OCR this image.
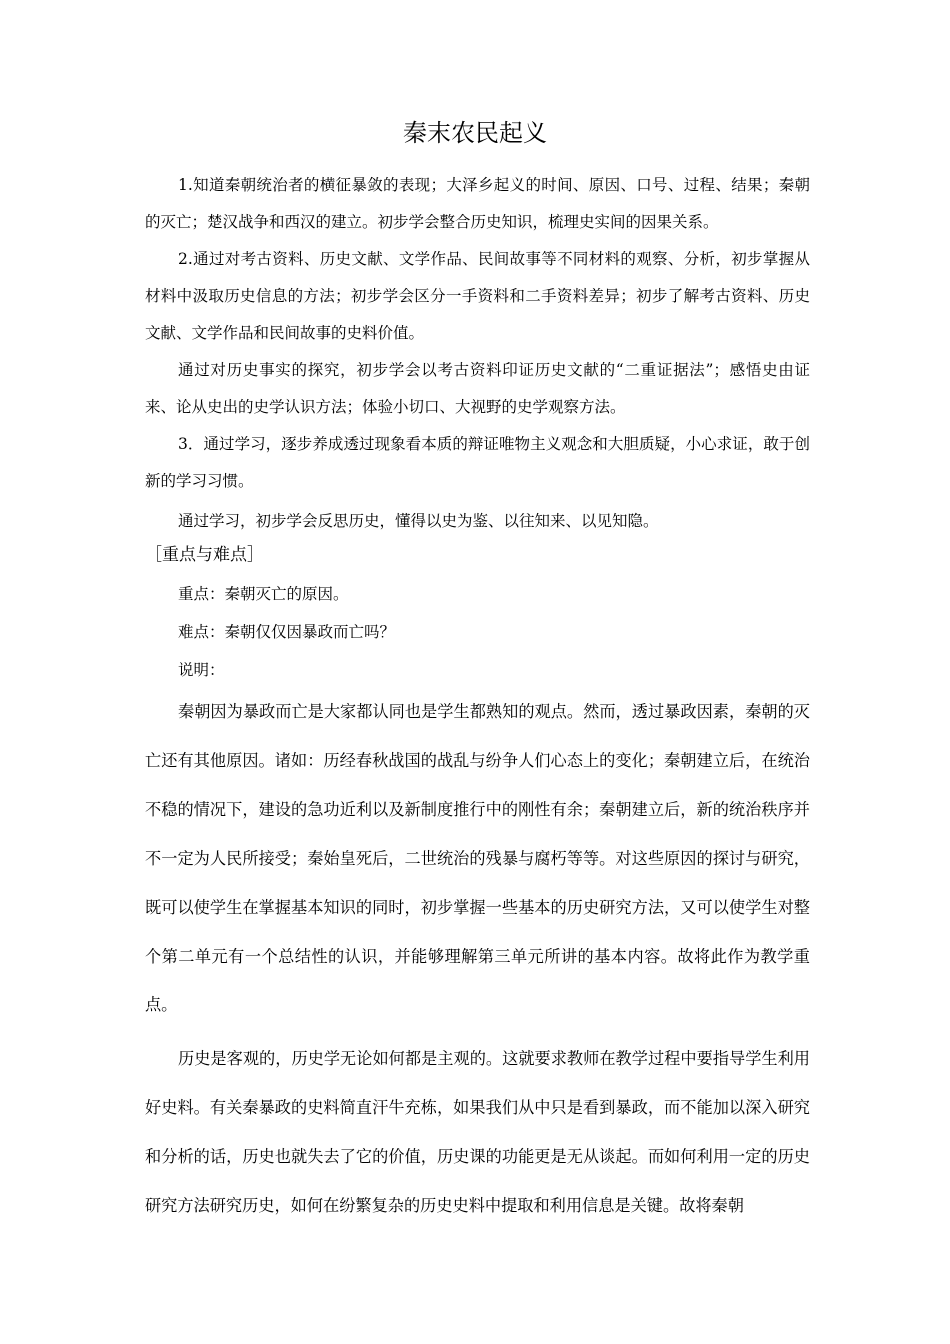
秦末农民起义

1.知道秦朝统治者的横征暴敛的表现；大泽乡起义的时间、原因、口号、过程、结果；秦朝的灭亡；楚汉战争和西汉的建立。初步学会整合历史知识，梳理史实间的因果关系。

2.通过对考古资料、历史文献、文学作品、民间故事等不同材料的观察、分析，初步掌握从材料中汲取历史信息的方法；初步学会区分一手资料和二手资料差异；初步了解考古资料、历史文献、文学作品和民间故事的史料价值。

通过对历史事实的探究，初步学会以考古资料印证历史文献的“二重证据法”；感悟史由证来、论从史出的史学认识方法；体验小切口、大视野的史学观察方法。

3．通过学习，逐步养成透过现象看本质的辩证唯物主义观念和大胆质疑，小心求证，敢于创新的学习习惯。

通过学习，初步学会反思历史，懂得以史为鉴、以往知来、以见知隐。

［重点与难点］
重点：秦朝灭亡的原因。
难点：秦朝仅仅因暴政而亡吗？
说明：

秦朝因为暴政而亡是大家都认同也是学生都熟知的观点。然而，透过暴政因素，秦朝的灭亡还有其他原因。诸如：历经春秋战国的战乱与纷争人们心态上的变化；秦朝建立后，在统治不稳的情况下，建设的急功近利以及新制度推行中的刚性有余；秦朝建立后，新的统治秩序并不一定为人民所接受；秦始皇死后，二世统治的残暴与腐朽等等。对这些原因的探讨与研究，既可以使学生在掌握基本知识的同时，初步掌握一些基本的历史研究方法，又可以使学生对整个第二单元有一个总结性的认识，并能够理解第三单元所讲的基本内容。故将此作为教学重点。

历史是客观的，历史学无论如何都是主观的。这就要求教师在教学过程中要指导学生利用好史料。有关秦暴政的史料简直汗牛充栋，如果我们从中只是看到暴政，而不能加以深入研究和分析的话，历史也就失去了它的价值，历史课的功能更是无从谈起。而如何利用一定的历史研究方法研究历史，如何在纷繁复杂的历史史料中提取和利用信息是关键。故将秦朝
